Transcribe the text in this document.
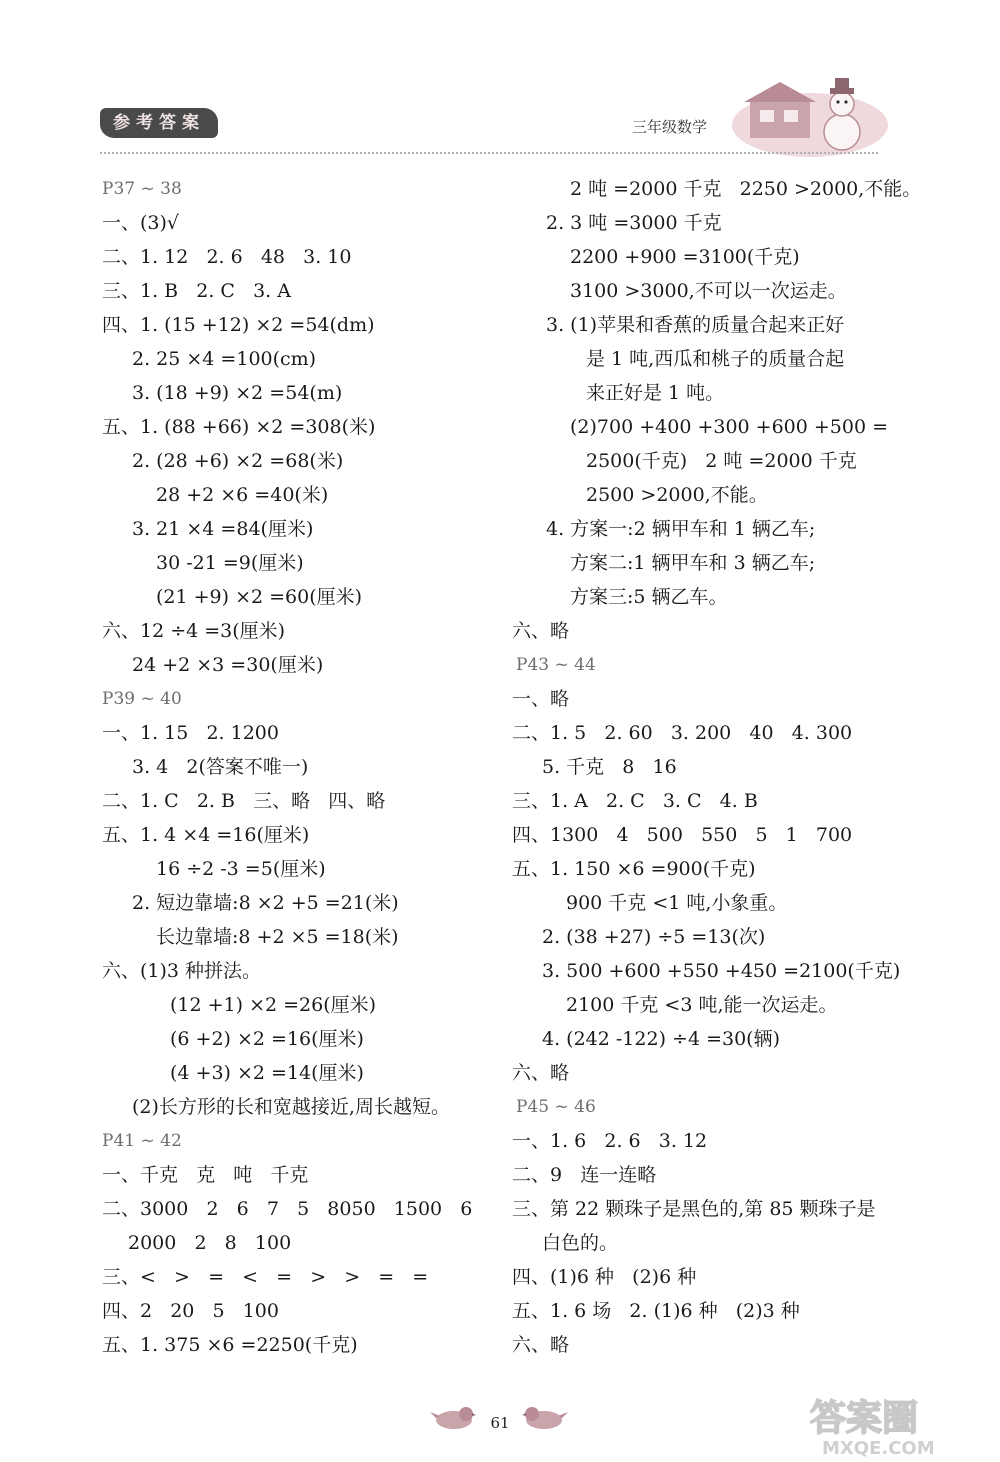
参考答案	三年级数学
P37 ~ 38
一、(3)√
二、1. 12   2. 6   48   3. 10
三、1. B   2. C   3. A
四、1. (15 +12) ×2 =54(dm)
2. 25 ×4 =100(cm)
3. (18 +9) ×2 =54(m)
五、1. (88 +66) ×2 =308(米)
2. (28 +6) ×2 =68(米)
28 +2 ×6 =40(米)
3. 21 ×4 =84(厘米)
30 -21 =9(厘米)
(21 +9) ×2 =60(厘米)
六、12 ÷4 =3(厘米)
24 +2 ×3 =30(厘米)
P39 ~ 40
一、1. 15   2. 1200
3. 4   2(答案不唯一)
二、1. C   2. B   三、略   四、略
五、1. 4 ×4 =16(厘米)
16 ÷2 -3 =5(厘米)
2. 短边靠墙:8 ×2 +5 =21(米)
长边靠墙:8 +2 ×5 =18(米)
六、(1)3 种拼法。
(12 +1) ×2 =26(厘米)
(6 +2) ×2 =16(厘米)
(4 +3) ×2 =14(厘米)
(2)长方形的长和宽越接近,周长越短。
P41 ~ 42
一、千克   克   吨   千克
二、3000   2   6   7   5   8050   1500   6
2000   2   8   100
三、<   >   =   <   =   >   >   =   =
四、2   20   5   100
五、1. 375 ×6 =2250(千克)
2 吨 =2000 千克   2250 >2000,不能。
2. 3 吨 =3000 千克
2200 +900 =3100(千克)
3100 >3000,不可以一次运走。
3. (1)苹果和香蕉的质量合起来正好
是 1 吨,西瓜和桃子的质量合起
来正好是 1 吨。
(2)700 +400 +300 +600 +500 =
2500(千克)   2 吨 =2000 千克
2500 >2000,不能。
4. 方案一:2 辆甲车和 1 辆乙车;
方案二:1 辆甲车和 3 辆乙车;
方案三:5 辆乙车。
六、略
P43 ~ 44
一、略
二、1. 5   2. 60   3. 200   40   4. 300
5. 千克   8   16
三、1. A   2. C   3. C   4. B
四、1300   4   500   550   5   1   700
五、1. 150 ×6 =900(千克)
900 千克 <1 吨,小象重。
2. (38 +27) ÷5 =13(次)
3. 500 +600 +550 +450 =2100(千克)
2100 千克 <3 吨,能一次运走。
4. (242 -122) ÷4 =30(辆)
六、略
P45 ~ 46
一、1. 6   2. 6   3. 12
二、9   连一连略
三、第 22 颗珠子是黑色的,第 85 颗珠子是
白色的。
四、(1)6 种   (2)6 种
五、1. 6 场   2. (1)6 种   (2)3 种
六、略
61	答案圈
MXQE.COM
